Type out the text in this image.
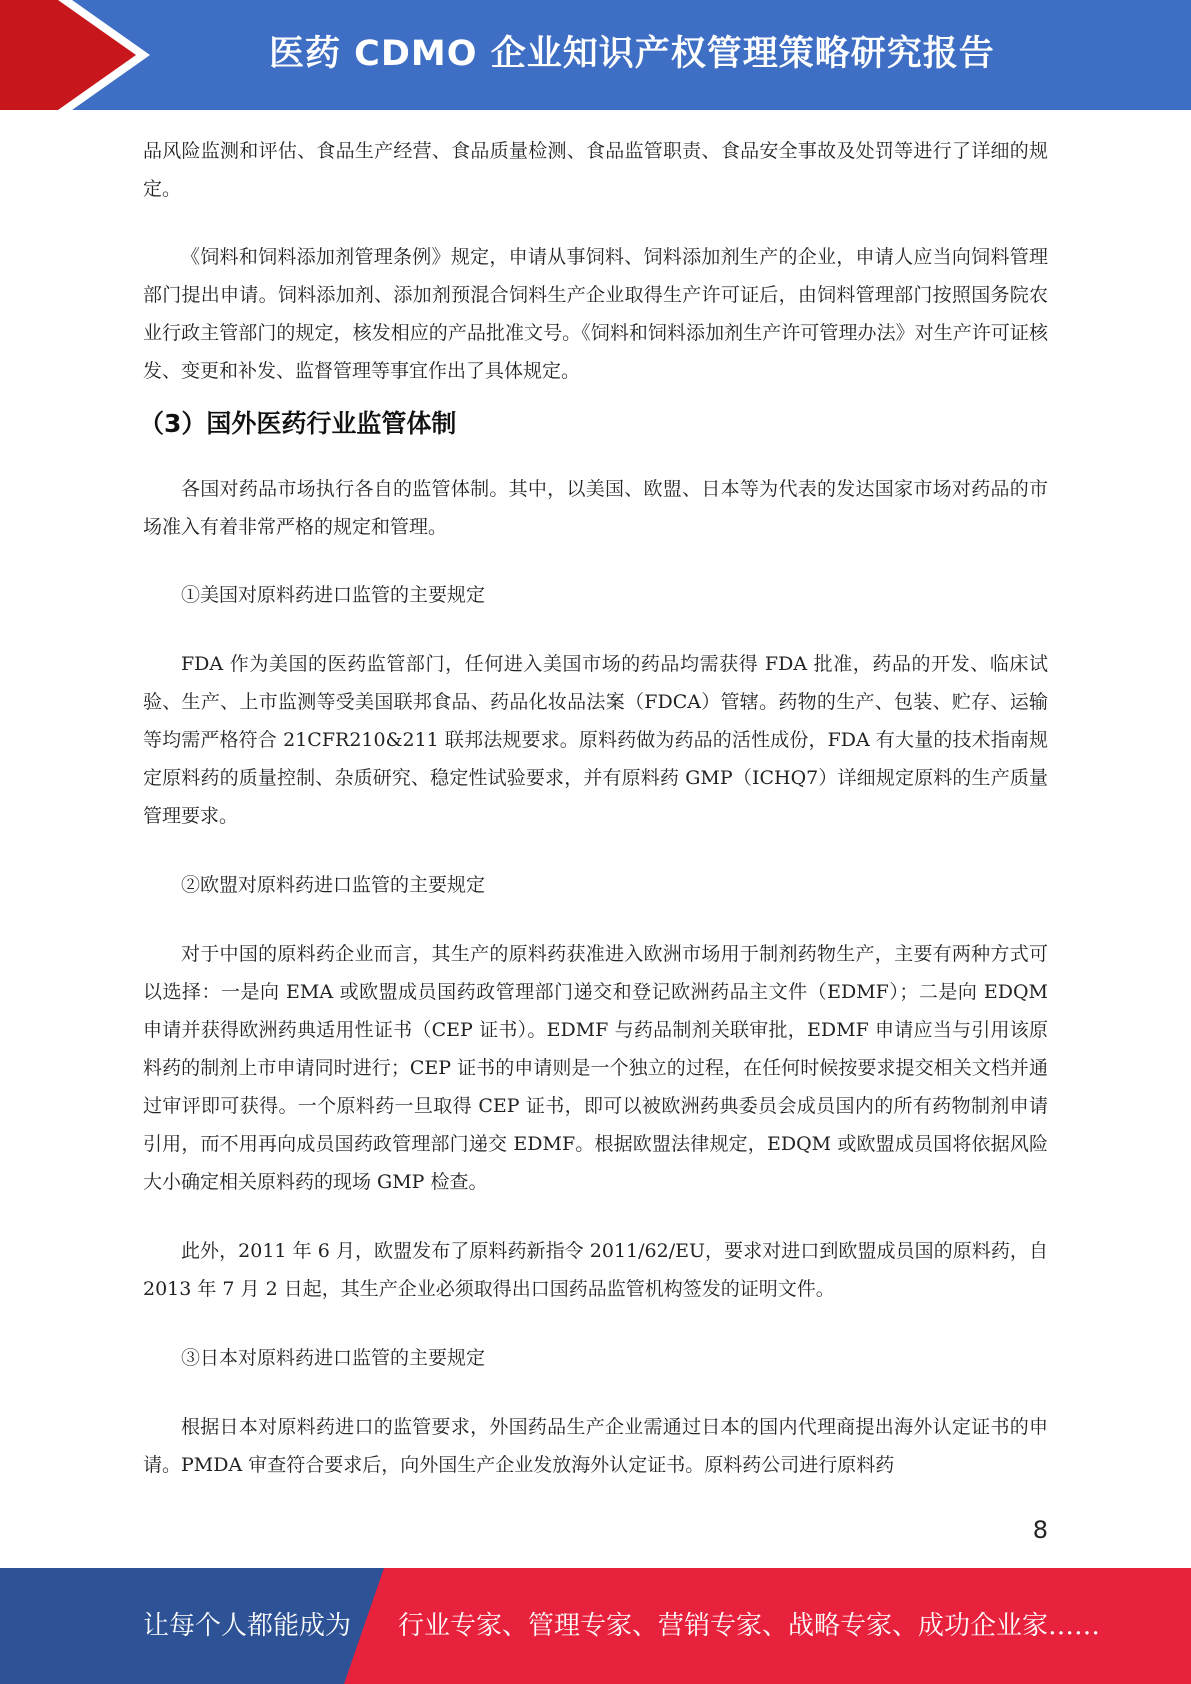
医药 CDMO 企业知识产权管理策略研究报告

品风险监测和评估、食品生产经营、食品质量检测、食品监管职责、食品安全事故及处罚等进行了详细的规定。

《饲料和饲料添加剂管理条例》规定，申请从事饲料、饲料添加剂生产的企业，申请人应当向饲料管理部门提出申请。饲料添加剂、添加剂预混合饲料生产企业取得生产许可证后，由饲料管理部门按照国务院农业行政主管部门的规定，核发相应的产品批准文号。《饲料和饲料添加剂生产许可管理办法》对生产许可证核发、变更和补发、监督管理等事宜作出了具体规定。

（3）国外医药行业监管体制

各国对药品市场执行各自的监管体制。其中，以美国、欧盟、日本等为代表的发达国家市场对药品的市场准入有着非常严格的规定和管理。

①美国对原料药进口监管的主要规定

FDA 作为美国的医药监管部门，任何进入美国市场的药品均需获得 FDA 批准，药品的开发、临床试验、生产、上市监测等受美国联邦食品、药品化妆品法案（FDCA）管辖。药物的生产、包装、贮存、运输等均需严格符合 21CFR210&211 联邦法规要求。原料药做为药品的活性成份，FDA 有大量的技术指南规定原料药的质量控制、杂质研究、稳定性试验要求，并有原料药 GMP（ICHQ7）详细规定原料的生产质量管理要求。

②欧盟对原料药进口监管的主要规定

对于中国的原料药企业而言，其生产的原料药获准进入欧洲市场用于制剂药物生产，主要有两种方式可以选择：一是向 EMA 或欧盟成员国药政管理部门递交和登记欧洲药品主文件（EDMF）；二是向 EDQM 申请并获得欧洲药典适用性证书（CEP 证书）。EDMF 与药品制剂关联审批，EDMF 申请应当与引用该原料药的制剂上市申请同时进行；CEP 证书的申请则是一个独立的过程，在任何时候按要求提交相关文档并通过审评即可获得。一个原料药一旦取得 CEP 证书，即可以被欧洲药典委员会成员国内的所有药物制剂申请引用，而不用再向成员国药政管理部门递交 EDMF。根据欧盟法律规定，EDQM 或欧盟成员国将依据风险大小确定相关原料药的现场 GMP 检查。

此外，2011 年 6 月，欧盟发布了原料药新指令 2011/62/EU，要求对进口到欧盟成员国的原料药，自 2013 年 7 月 2 日起，其生产企业必须取得出口国药品监管机构签发的证明文件。

③日本对原料药进口监管的主要规定

根据日本对原料药进口的监管要求，外国药品生产企业需通过日本的国内代理商提出海外认定证书的申请。PMDA 审查符合要求后，向外国生产企业发放海外认定证书。原料药公司进行原料药

8
让每个人都能成为 行业专家、管理专家、营销专家、战略专家、成功企业家……
